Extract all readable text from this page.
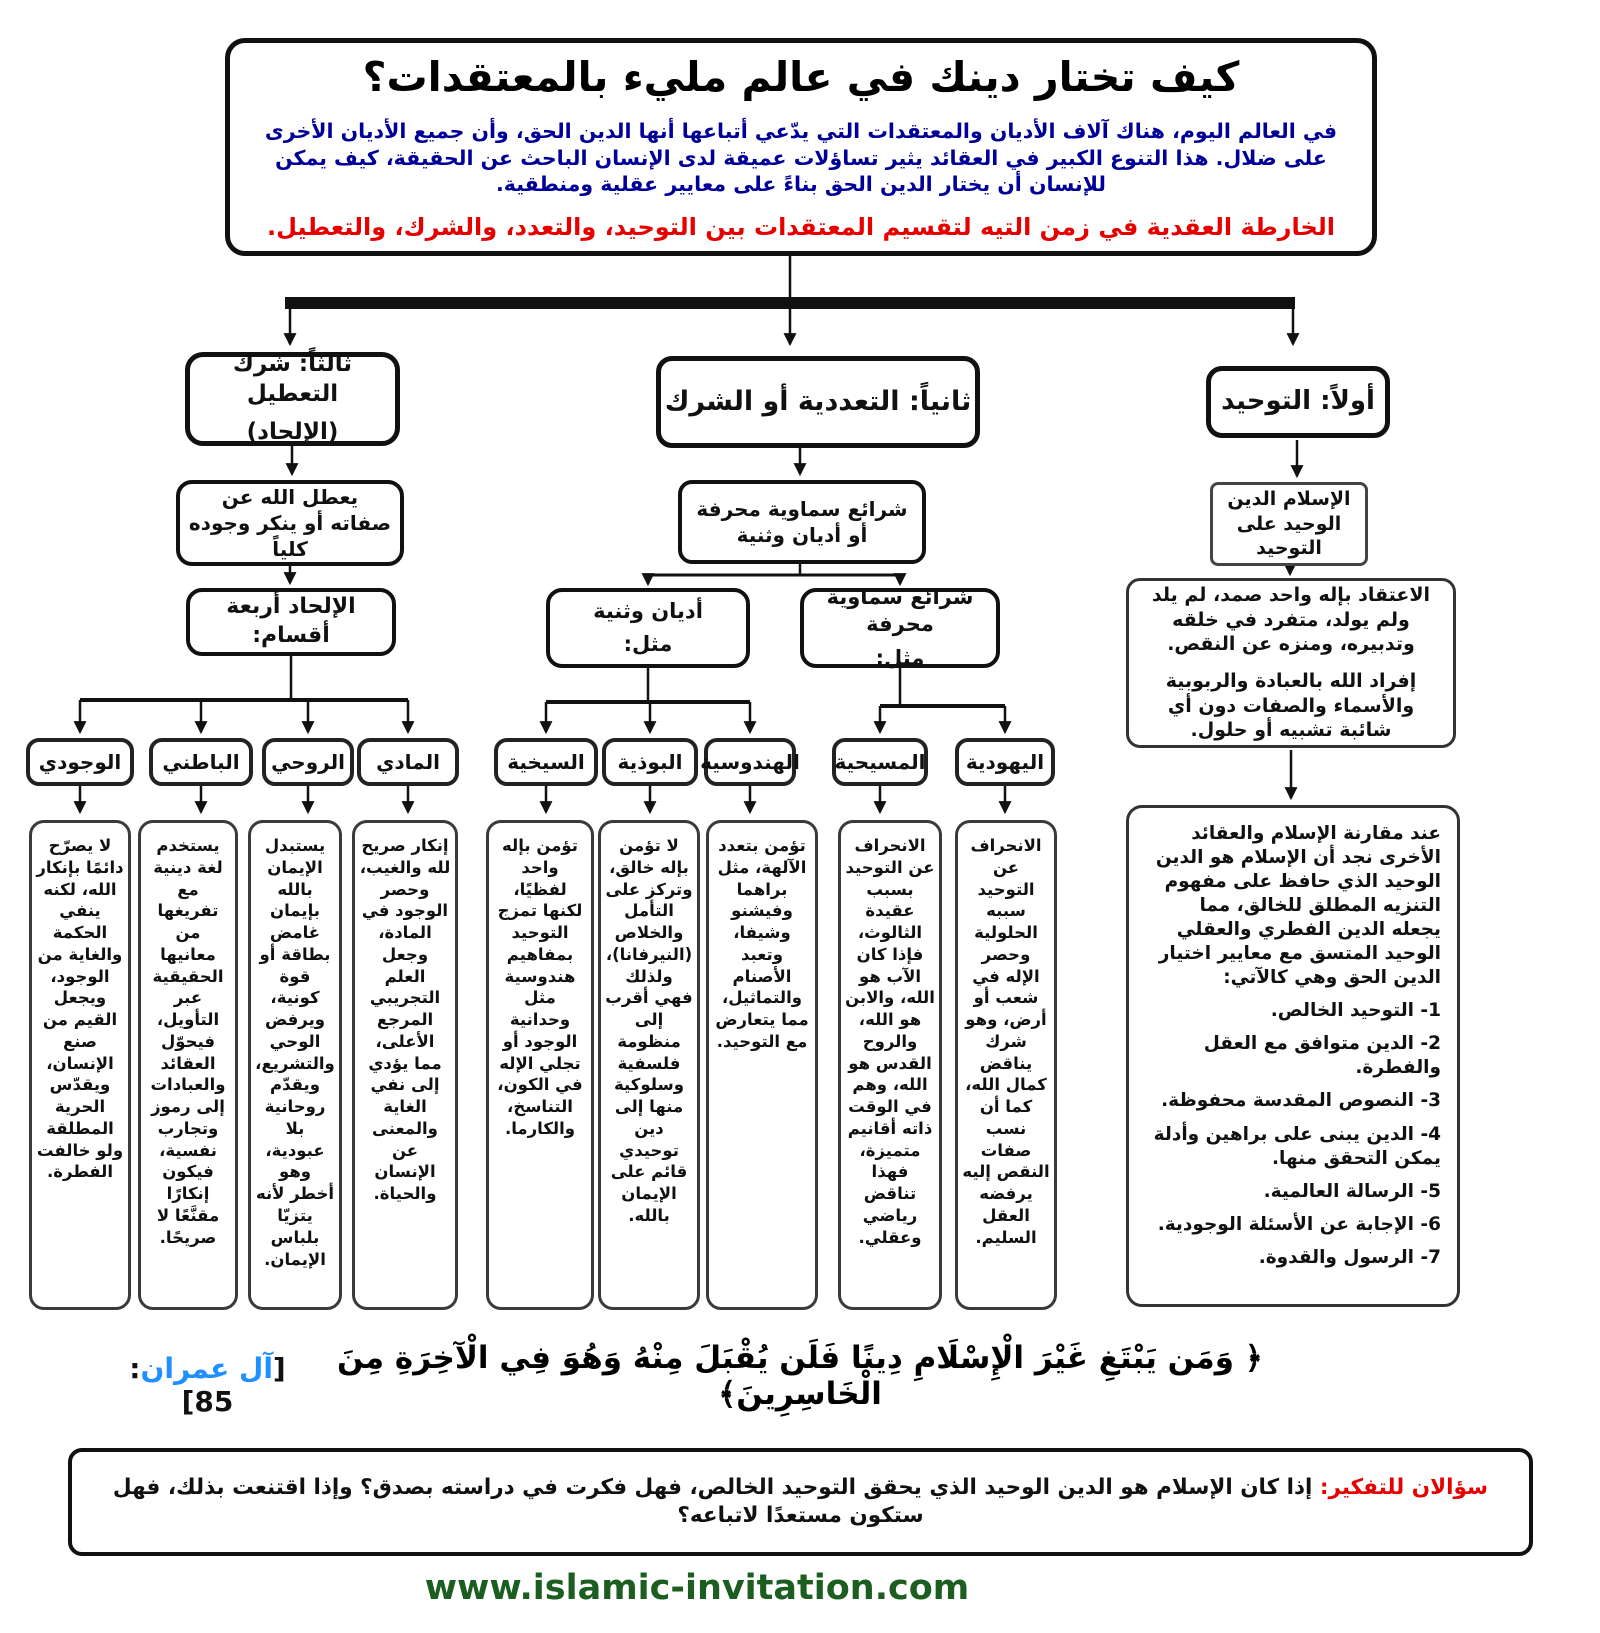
كيف تختار دينك في عالم مليء بالمعتقدات؟
في العالم اليوم، هناك آلاف الأديان والمعتقدات التي يدّعي أتباعها أنها الدين الحق، وأن جميع الأديان الأخرى على ضلال. هذا التنوع الكبير في العقائد يثير تساؤلات عميقة لدى الإنسان الباحث عن الحقيقة، كيف يمكن للإنسان أن يختار الدين الحق بناءً على معايير عقلية ومنطقية.
الخارطة العقدية في زمن التيه لتقسيم المعتقدات بين التوحيد، والتعدد، والشرك، والتعطيل.
ثالثاً: شرك التعطيل
(الإلحاد)
ثانياً: التعددية أو الشرك	أولاً: التوحيد
يعطل الله عن صفاته أو ينكر وجوده كلياً
شرائع سماوية محرفة أو أديان وثنية
الإسلام الدين الوحيد على التوحيد
الإلحاد أربعة أقسام:
أديان وثنية
مثل:
شرائع سماوية محرفة
مثل:
الاعتقاد بإله واحد صمد، لم يلد ولم يولد، متفرد في خلقه وتدبيره، ومنزه عن النقص.
إفراد الله بالعبادة والربوبية والأسماء والصفات دون أي شائبة تشبيه أو حلول.
الوجودي	الباطني	الروحي	المادي	السيخية	البوذية الهندوسية المسيحية	اليهودية
لا يصرّح دائمًا بإنكار الله، لكنه ينفي الحكمة والغاية من الوجود، ويجعل القيم من صنع الإنسان، ويقدّس الحرية المطلقة ولو خالفت الفطرة.
يستخدم لغة دينية مع تفريغها من معانيها الحقيقية عبر التأويل، فيحوّل العقائد والعبادات إلى رموز وتجارب نفسية، فيكون إنكارًا مقنَّعًا لا صريحًا.
يستبدل الإيمان بالله بإيمان غامض بطاقة أو قوة كونية، ويرفض الوحي والتشريع، ويقدّم روحانية بلا عبودية، وهو أخطر لأنه يتزيّا بلباس الإيمان.
إنكار صريح لله والغيب، وحصر الوجود في المادة، وجعل العلم التجريبي المرجع الأعلى، مما يؤدي إلى نفي الغاية والمعنى عن الإنسان والحياة.
تؤمن بإله واحد لفظيًا، لكنها تمزج التوحيد بمفاهيم هندوسية مثل وحدانية الوجود أو تجلي الإله في الكون، التناسخ، والكارما.
لا تؤمن بإله خالق، وتركز على التأمل والخلاص (النيرفانا)، ولذلك فهي أقرب إلى منظومة فلسفية وسلوكية منها إلى دين توحيدي قائم على الإيمان بالله.
تؤمن بتعدد الآلهة، مثل براهما وفيشنو وشيفا، وتعبد الأصنام والتماثيل، مما يتعارض مع التوحيد.
الانحراف عن التوحيد بسبب عقيدة الثالوث، فإذا كان الآب هو الله، والابن هو الله، والروح القدس هو الله، وهم في الوقت ذاته أقانيم متميزة، فهذا تناقض رياضي وعقلي.
الانحراف عن التوحيد سببه الحلولية وحصر الإله في شعب أو أرض، وهو شرك يناقض كمال الله، كما أن نسب صفات النقص إليه يرفضه العقل السليم.
عند مقارنة الإسلام والعقائد الأخرى نجد أن الإسلام هو الدين الوحيد الذي حافظ على مفهوم التنزيه المطلق للخالق، مما يجعله الدين الفطري والعقلي الوحيد المتسق مع معايير اختيار الدين الحق وهي كالآتي:
1- التوحيد الخالص.
2- الدين متوافق مع العقل والفطرة.
3- النصوص المقدسة محفوظة.
4- الدين يبنى على براهين وأدلة يمكن التحقق منها.
5- الرسالة العالمية.
6- الإجابة عن الأسئلة الوجودية.
7- الرسول والقدوة.
﴿ وَمَن يَبْتَغِ غَيْرَ الْإِسْلَامِ دِينًا فَلَن يُقْبَلَ مِنْهُ وَهُوَ فِي الْآخِرَةِ مِنَ الْخَاسِرِينَ﴾
[آل عمران: 85]
سؤالان للتفكير: إذا كان الإسلام هو الدين الوحيد الذي يحقق التوحيد الخالص، فهل فكرت في دراسته بصدق؟ وإذا اقتنعت بذلك، فهل ستكون مستعدًا لاتباعه؟
www.islamic-invitation.com
